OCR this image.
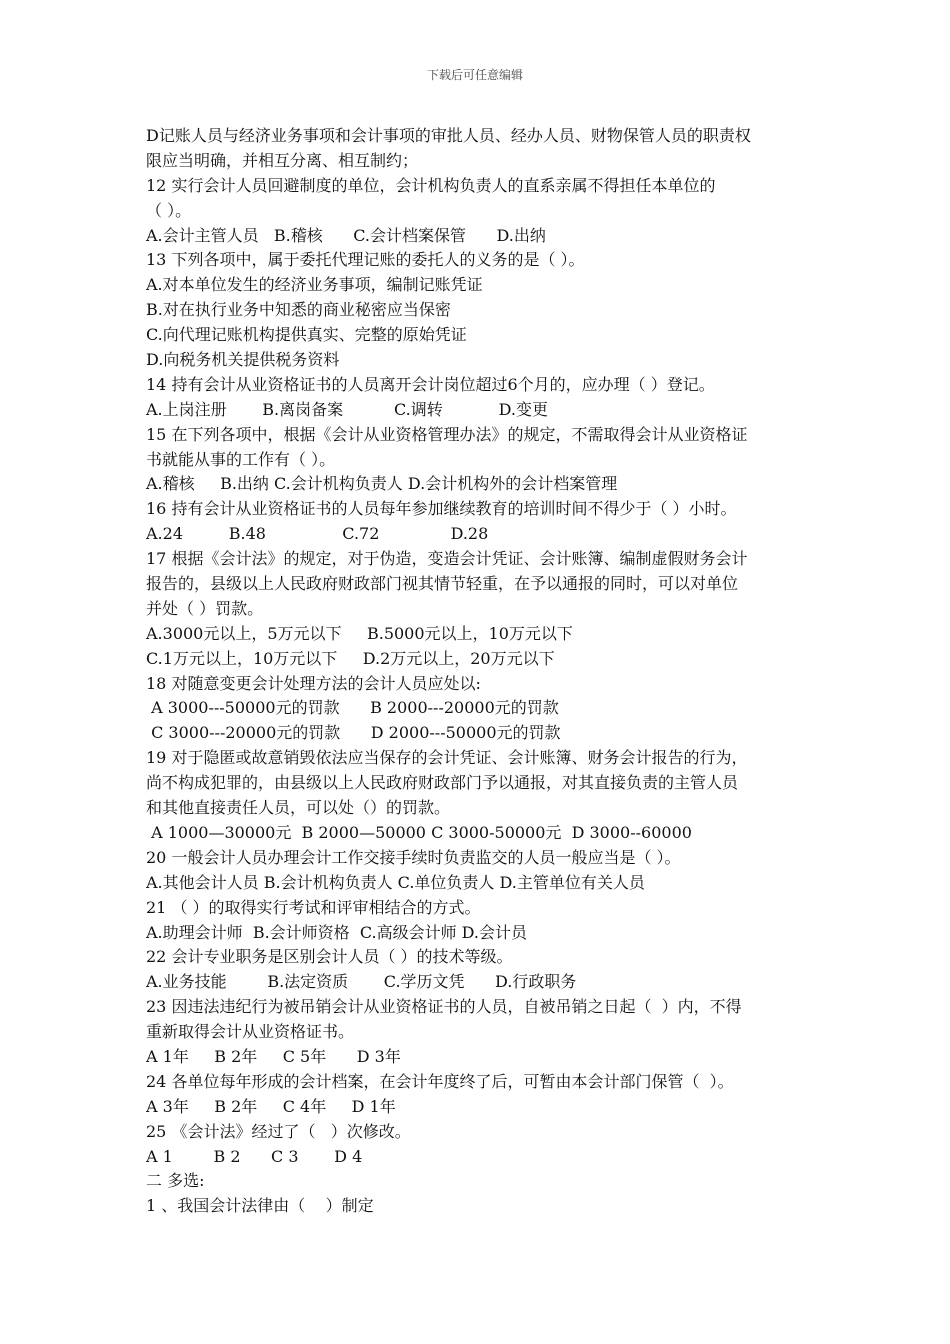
下载后可任意编辑
D记账人员与经济业务事项和会计事项的审批人员、经办人员、财物保管人员的职责权
限应当明确，并相互分离、相互制约；
12 实行会计人员回避制度的单位，会计机构负责人的直系亲属不得担任本单位的
（ ）。
A.会计主管人员   B.稽核      C.会计档案保管      D.出纳
13 下列各项中，属于委托代理记账的委托人的义务的是（ ）。
A.对本单位发生的经济业务事项，编制记账凭证
B.对在执行业务中知悉的商业秘密应当保密
C.向代理记账机构提供真实、完整的原始凭证
D.向税务机关提供税务资料
14 持有会计从业资格证书的人员离开会计岗位超过6个月的，应办理（ ）登记。
A.上岗注册       B.离岗备案          C.调转           D.变更
15 在下列各项中，根据《会计从业资格管理办法》的规定，不需取得会计从业资格证
书就能从事的工作有（ ）。
A.稽核     B.出纳 C.会计机构负责人 D.会计机构外的会计档案管理
16 持有会计从业资格证书的人员每年参加继续教育的培训时间不得少于（ ）小时。
A.24         B.48               C.72              D.28
17 根据《会计法》的规定，对于伪造，变造会计凭证、会计账簿、编制虚假财务会计
报告的，县级以上人民政府财政部门视其情节轻重，在予以通报的同时，可以对单位
并处（ ）罚款。
A.3000元以上，5万元以下     B.5000元以上，10万元以下
C.1万元以上，10万元以下     D.2万元以上，20万元以下
18 对随意变更会计处理方法的会计人员应处以:
A 3000---50000元的罚款      B 2000---20000元的罚款
C 3000---20000元的罚款      D 2000---50000元的罚款
19 对于隐匿或故意销毁依法应当保存的会计凭证、会计账簿、财务会计报告的行为，
尚不构成犯罪的，由县级以上人民政府财政部门予以通报，对其直接负责的主管人员
和其他直接责任人员，可以处（）的罚款。
A 1000—30000元  B 2000—50000 C 3000-50000元  D 3000--60000
20 一般会计人员办理会计工作交接手续时负责监交的人员一般应当是（ ）。
A.其他会计人员 B.会计机构负责人 C.单位负责人 D.主管单位有关人员
21 （ ）的取得实行考试和评审相结合的方式。
A.助理会计师  B.会计师资格  C.高级会计师 D.会计员
22 会计专业职务是区别会计人员（ ）的技术等级。
A.业务技能        B.法定资质       C.学历文凭      D.行政职务
23 因违法违纪行为被吊销会计从业资格证书的人员，自被吊销之日起（  ）内，不得
重新取得会计从业资格证书。
A 1年     B 2年     C 5年      D 3年
24 各单位每年形成的会计档案，在会计年度终了后，可暂由本会计部门保管（  ）。
A 3年     B 2年     C 4年     D 1年
25 《会计法》经过了（   ）次修改。
A 1        B 2      C 3       D 4
二 多选:
1 、我国会计法律由（    ）制定
